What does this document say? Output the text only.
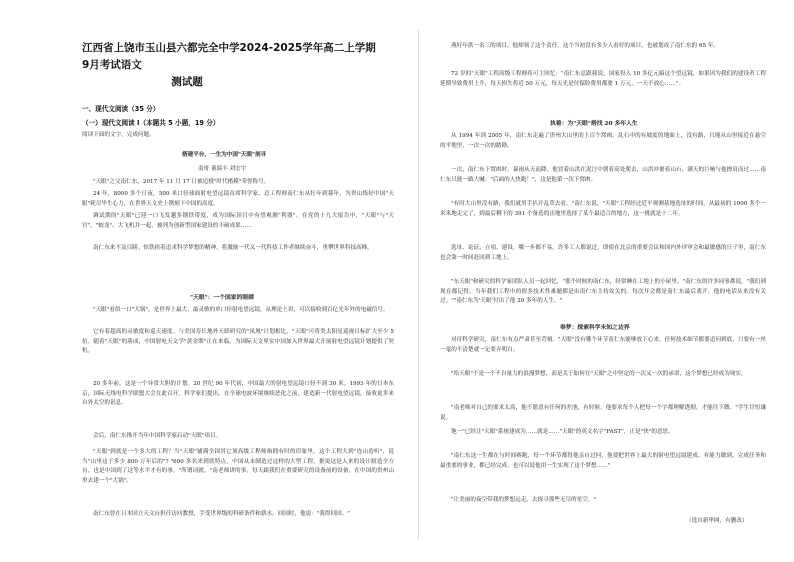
江西省上饶市玉山县六都完全中学2024-2025学年高二上学期9月考试语文
测试题
一、现代文阅读（35 分）
（一）现代文阅读 I（本题共 5 小题，19 分）
阅读下面的文字，完成问题。
搭建平台，一生为中国"天眼"剖寻
南哥 董瑞丰 刘宏宇
"天眼"之父南仁东，2017 年 11 月 17 日被追授"时代楷模"荣誉称号。
24 年，8000 多个日夜，500 米口径球面射电望远镜首席科学家、总工程师南仁东从壮年到暮年，为贵山练好中国"天眼"耗尽毕生心力，在世界天文史上镌刻下中国的高度。
调试期的"天眼"已迎一口飞发越多钢铁带度，成为国际顶目中有望观测"利器"。在党的十九大报告中，"天眼"与"天宫"、"蛟龙"、大飞机并一起，被列为创新型国家建设的丰硕成果……
南仁东来不及目睹。惊铁抉着追求科学梦想的精神，将激励一代又一代科技工作者继续奋斗，勇攀世界科技高峰。
"天眼"：一个国家的眼睛
"天眼"看似一口"大锅"，是世界上最大、最灵敏的单口径射电望远镜，从理论上讲，可以接收到百亿光年外的电磁信号。
它有着超高的灵敏度和巡天速度。与美国寿长地外天联研究的"凤凰"计划相比，"天眼"可将类太阳星巡视目标扩大至少 5 倍。随着"天眼"的落成，中国射电天文学"黄金期"正在来临，为国际天文界实中国加入世界最大开展射电望远镜计划提供了契机。
20 多年前，这是一个异常大胆的计划。20 世纪 90 年代初，中国最大的射电望远镜口径不到 30 米。1993 年的日本东京，国际无线电科学联盟大会在此召开。科学家们提出，在全球电波环境继续恶化之前，建造新一代射电望远镜，接收更多来自外太空的讯息。
会后，南仁东推开当年中国科学家启动"天眼"项目。
"天眼"到底是一个多大的工程？当"天眼"铺满全国其它顶高级工程师指拥有时的印象里。这个工程大到"连山造听"，说当"山里这子多少 800 万年后的"? "600 多名来到底特点，中国从未制造过这样的大型工程，据说这是人来的设计制造全方台，也是中国到了这等水平才有的事。"所谓词就，"南老师讲的事，每天跟我们在重要研究的设备前的设备，在中国的贵州山里去建一个"大锅"。
南仁东曾在日本国立天文台担任访问教授，手受世界级的科研条件和薪水。回国时，他说："我得回国。"
燕好年供一名三的项目，他却领了这个责任。这个当初没有多少人看好的项目，也被划成了南仁东的 65 年。
72 岁的"天眼"工程高级工程师荀可主回忆："南仁东总跟我说，国家投入 10 多亿元搞这个望远镜，如果因为我们的建设者工程延期导致费用上升，每天损失将近 50 万元，每天光是付保险费用都要 1 万元，一天不放心……"。
执着：为"天眼"搭找 20 多年人生
从 1994 年到 2005 年，南仁东走遍了贵州大山里的上百个窝凼。乱石中的有坡度的地面上，没有路，只能从山里接近在悬空的平地里，一次一次的踏勘。
一次，南仁东下窝凼时，暴雨从天而降。他冒着山洪在泥泞中朝着高处爬去，山洪冲裹着山石，满天的巨响与他擦肩而过……南仁东只能一路大喊："后面的人快跑！"，这是他第一次下窝凼。
"有时大山里没有路，我们就用手扒开乱草去看。"南仁东说，"天眼"工程经过近平观测基地选址的时间，从最初的 1000 多个一米米地走完了，到最后剩下的 391 个备选的洼地里选择了某个最适合的地方，这一挑就是十二年。
选址、论证、立项、建设，哪一步都不易。许多工人都说过，即使在北京的重要会议和国内外评审会和最敏感的日子里，南仁东也会第一时间赶回到工地上。
"东天眼"和研究的科学家团队人员一起回忆，"那个时候的南仁东，经常睡在工地上的小屋里。"南仁东的许多同事都说，"我们到现在都记得，当年我们工程中的很多技术性难题都是由南仁东主持攻关的。每次开会都是南仁东最后离开，他的电话从来没有关过。""南仁东为'天眼'付出了他 20 多年的人生。"
奉梦：探索科学未知之边界
对待科学研究，南仁东有点严肃甚至苛刻。"天眼"没有哪个环节南仁东能够放下心来，任何技术细节都要追问到底，只要有一丝一毫的不清楚就一定要弄明白。
"给天眼"不是一个不自量力的浪漫梦想，而是关于如何在"天眼"之中坚定的一次又一次的承诺，这个梦想已经成为现实。
"南老师对自己的要求太高，他不愿意有任何的差池，有时候，他要求每个人把每一个字都理解透彻，才能往下做。"学生甘恒谦说。
饱一"已经让"天眼"系统建成为……就是……"天眼"的英文名字"FAST"，正是"快"的意思。
"南仁东这一生都在与时间赛跑，每一个环节都得他亲自过问，他要把世界上最大的射电望远镜建成、有能力做到、完成任务和最重要的事业，都已经完成，也可以说他用一生实现了这个梦想……"
"让美丽的夜空带我的梦想远走，去探寻那些无尽的星空。"
（选自新华网，有删改）
